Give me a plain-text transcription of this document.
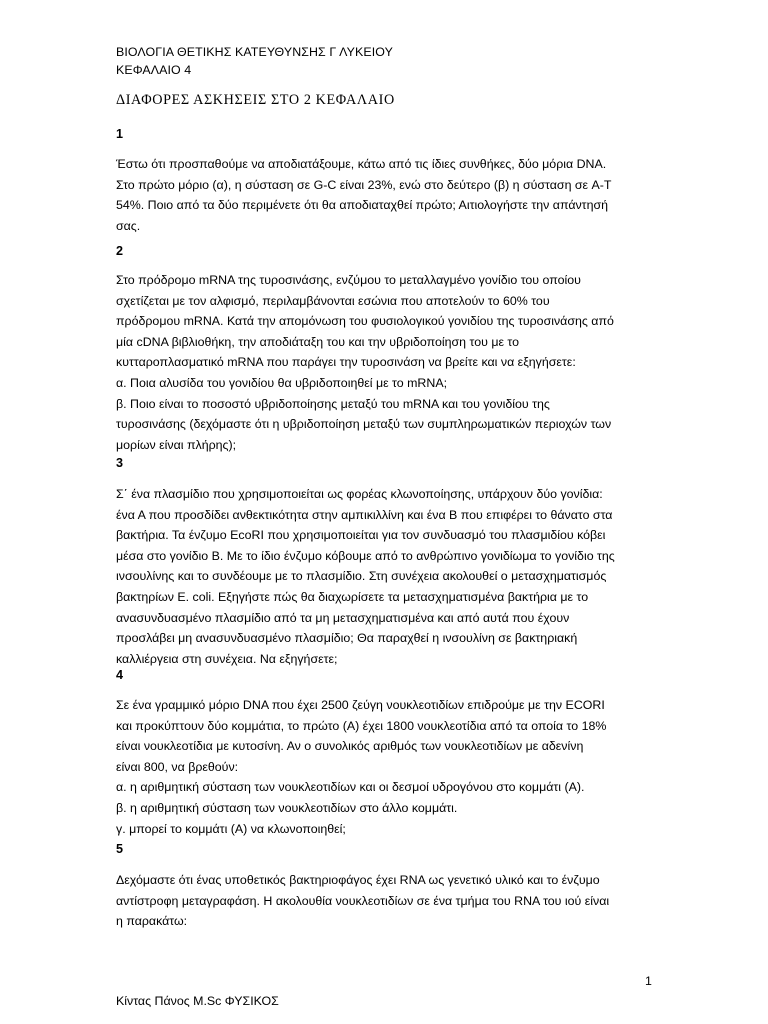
ΒΙΟΛΟΓΙΑ ΘΕΤΙΚΗΣ ΚΑΤΕΥΘΥΝΣΗΣ Γ ΛΥΚΕΙΟΥ
ΚΕΦΑΛΑΙΟ 4
ΔΙΑΦΟΡΕΣ ΑΣΚΗΣΕΙΣ ΣΤΟ 2 ΚΕΦΑΛΑΙΟ
1
Έστω ότι προσπαθούμε να αποδιατάξουμε, κάτω από τις ίδιες συνθήκες, δύο μόρια DNA.
Στο πρώτο μόριο (α), η σύσταση σε G-C είναι 23%, ενώ στο δεύτερο (β) η σύσταση σε A-T
54%. Ποιο από τα δύο περιμένετε ότι θα αποδιαταχθεί πρώτο; Αιτιολογήστε την απάντησή
σας.
2
Στο πρόδρομο mRNA της τυροσινάσης, ενζύμου το μεταλλαγμένο γονίδιο του οποίου
σχετίζεται με τον αλφισμό, περιλαμβάνονται εσώνια που αποτελούν το 60% του
πρόδρομου mRNA. Κατά την απομόνωση του φυσιολογικού γονιδίου της τυροσινάσης από
μία cDNA βιβλιοθήκη, την αποδιάταξη του και την υβριδοποίηση του με το
κυτταροπλασματικό mRNA που παράγει την τυροσινάση να βρείτε και να εξηγήσετε:
α. Ποια αλυσίδα του γονιδίου θα υβριδοποιηθεί με το mRNA;
β. Ποιο είναι το ποσοστό υβριδοποίησης μεταξύ του mRNA και του γονιδίου της
τυροσινάσης (δεχόμαστε ότι η υβριδοποίηση μεταξύ των συμπληρωματικών περιοχών των
μορίων είναι πλήρης);
3
Σ΄ ένα πλασμίδιο που χρησιμοποιείται ως φορέας κλωνοποίησης, υπάρχουν δύο γονίδια:
ένα Α που προσδίδει ανθεκτικότητα στην αμπικιλλίνη και ένα Β που επιφέρει το θάνατο στα
βακτήρια. Τα ένζυμο EcoRI που χρησιμοποιείται για τον συνδυασμό του πλασμιδίου κόβει
μέσα στο γονίδιο Β. Με το ίδιο ένζυμο κόβουμε από το ανθρώπινο γονιδίωμα το γονίδιο της
ινσουλίνης και το συνδέουμε με το πλασμίδιο. Στη συνέχεια ακολουθεί ο μετασχηματισμός
βακτηρίων E. coli. Εξηγήστε πώς θα διαχωρίσετε τα μετασχηματισμένα βακτήρια με το
ανασυνδυασμένο πλασμίδιο από τα μη μετασχηματισμένα και από αυτά που έχουν
προσλάβει μη ανασυνδυασμένο πλασμίδιο; Θα παραχθεί η ινσουλίνη σε βακτηριακή
καλλιέργεια στη συνέχεια. Να εξηγήσετε;
4
Σε ένα γραμμικό μόριο DNA που έχει 2500 ζεύγη νουκλεοτιδίων επιδρούμε με την ECORI
και προκύπτουν δύο κομμάτια, το πρώτο (Α) έχει 1800 νουκλεοτίδια από τα οποία το 18%
είναι νουκλεοτίδια με κυτοσίνη. Αν ο συνολικός αριθμός των νουκλεοτιδίων με αδενίνη
είναι 800, να βρεθούν:
α. η αριθμητική σύσταση των νουκλεοτιδίων και οι δεσμοί υδρογόνου στο κομμάτι (Α).
β. η αριθμητική σύσταση των νουκλεοτιδίων στο άλλο κομμάτι.
γ. μπορεί το κομμάτι (Α) να κλωνοποιηθεί;
5
Δεχόμαστε ότι ένας υποθετικός βακτηριοφάγος έχει RNA ως γενετικό υλικό και το ένζυμο
αντίστροφη μεταγραφάση. Η ακολουθία νουκλεοτιδίων σε ένα τμήμα του RNA του ιού είναι
η παρακάτω:
1
Κίντας Πάνος M.Sc ΦΥΣΙΚΟΣ
